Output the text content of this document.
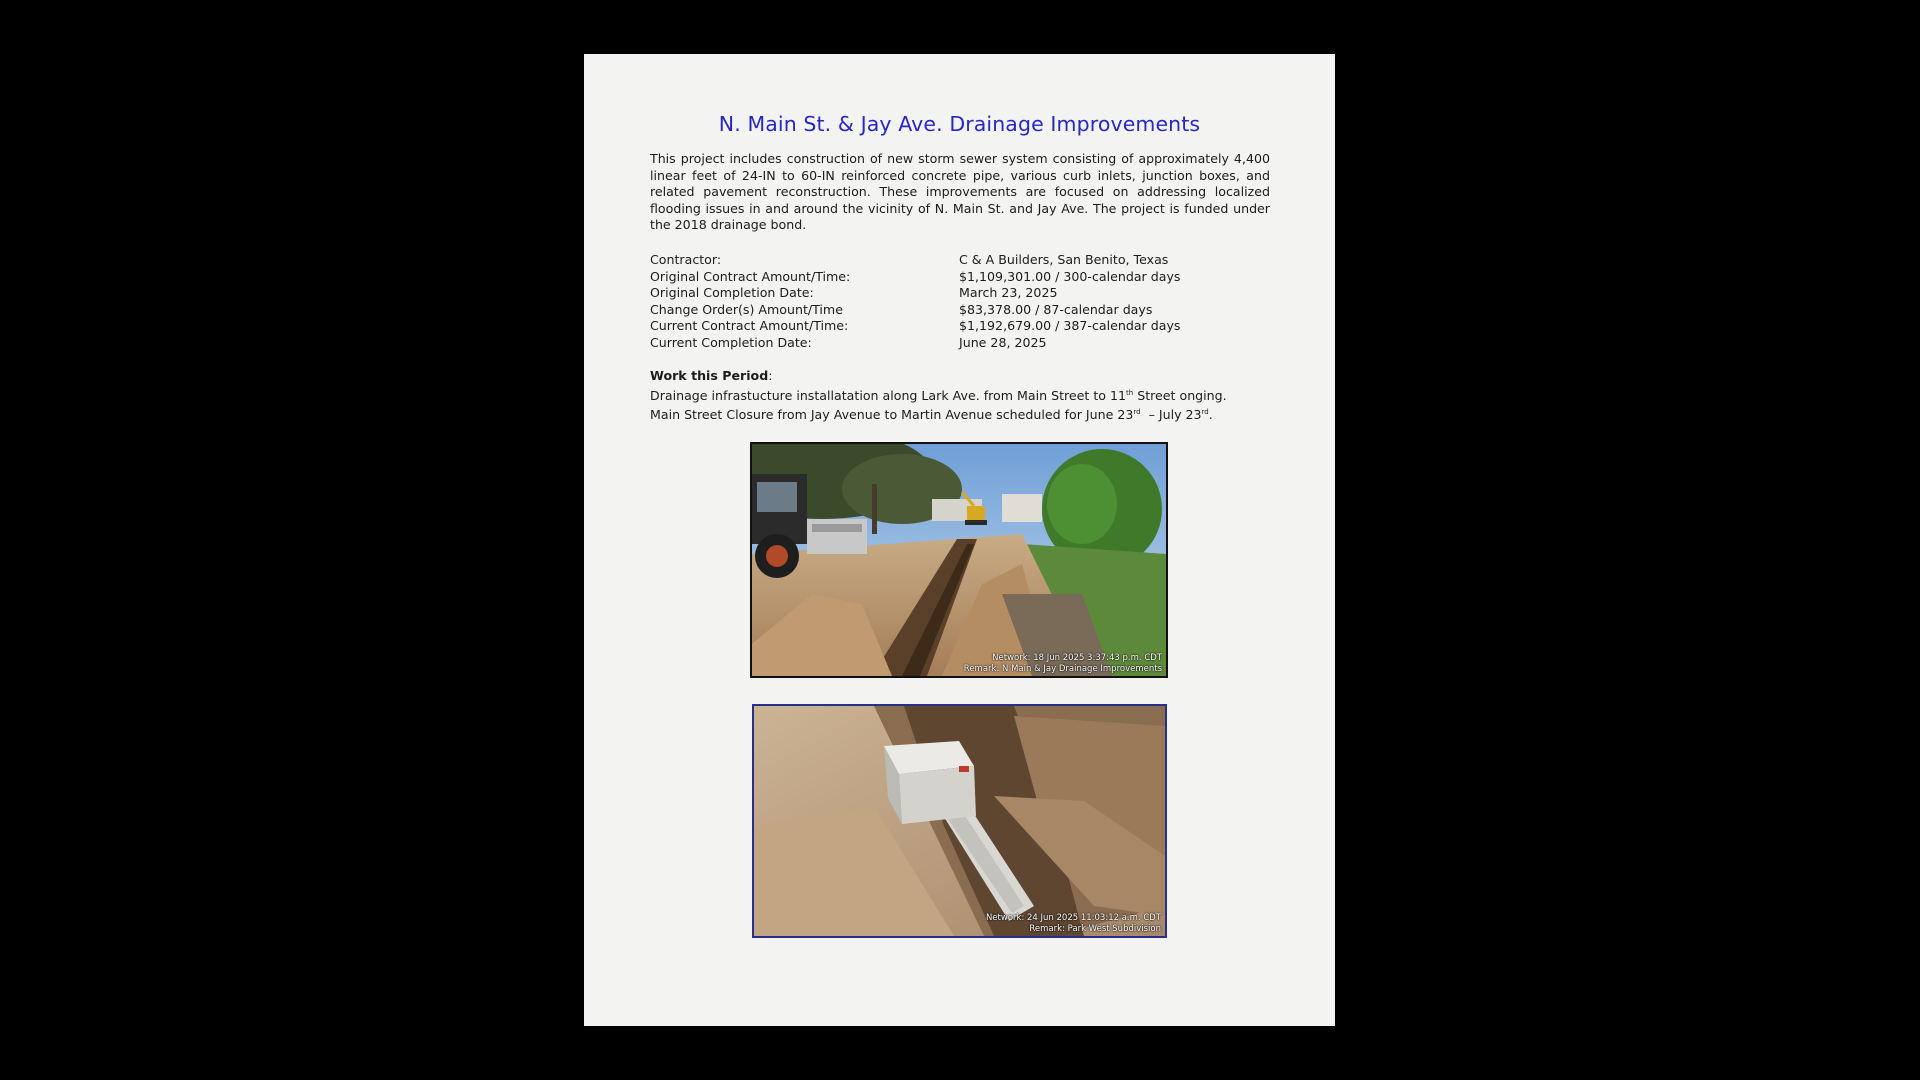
N. Main St. & Jay Ave. Drainage Improvements

This project includes construction of new storm sewer system consisting of approximately 4,400 linear feet of 24-IN to 60-IN reinforced concrete pipe, various curb inlets, junction boxes, and related pavement reconstruction. These improvements are focused on addressing localized flooding issues in and around the vicinity of N. Main St. and Jay Ave. The project is funded under the 2018 drainage bond.

Contractor:	C & A Builders, San Benito, Texas
Original Contract Amount/Time:	$1,109,301.00 / 300-calendar days
Original Completion Date:	March 23, 2025
Change Order(s) Amount/Time	$83,378.00 / 87-calendar days
Current Contract Amount/Time:	$1,192,679.00 / 387-calendar days
Current Completion Date:	June 28, 2025
Work this Period:
Drainage infrastucture installatation along Lark Ave. from Main Street to 11th Street onging.
Main Street Closure from Jay Avenue to Martin Avenue scheduled for June 23rd  – July 23rd.
Network: 18 Jun 2025 3:37:43 p.m. CDT
Remark: N Main & Jay Drainage Improvements
Network: 24 Jun 2025 11:03:12 a.m. CDT
Remark: Park West Subdivision
